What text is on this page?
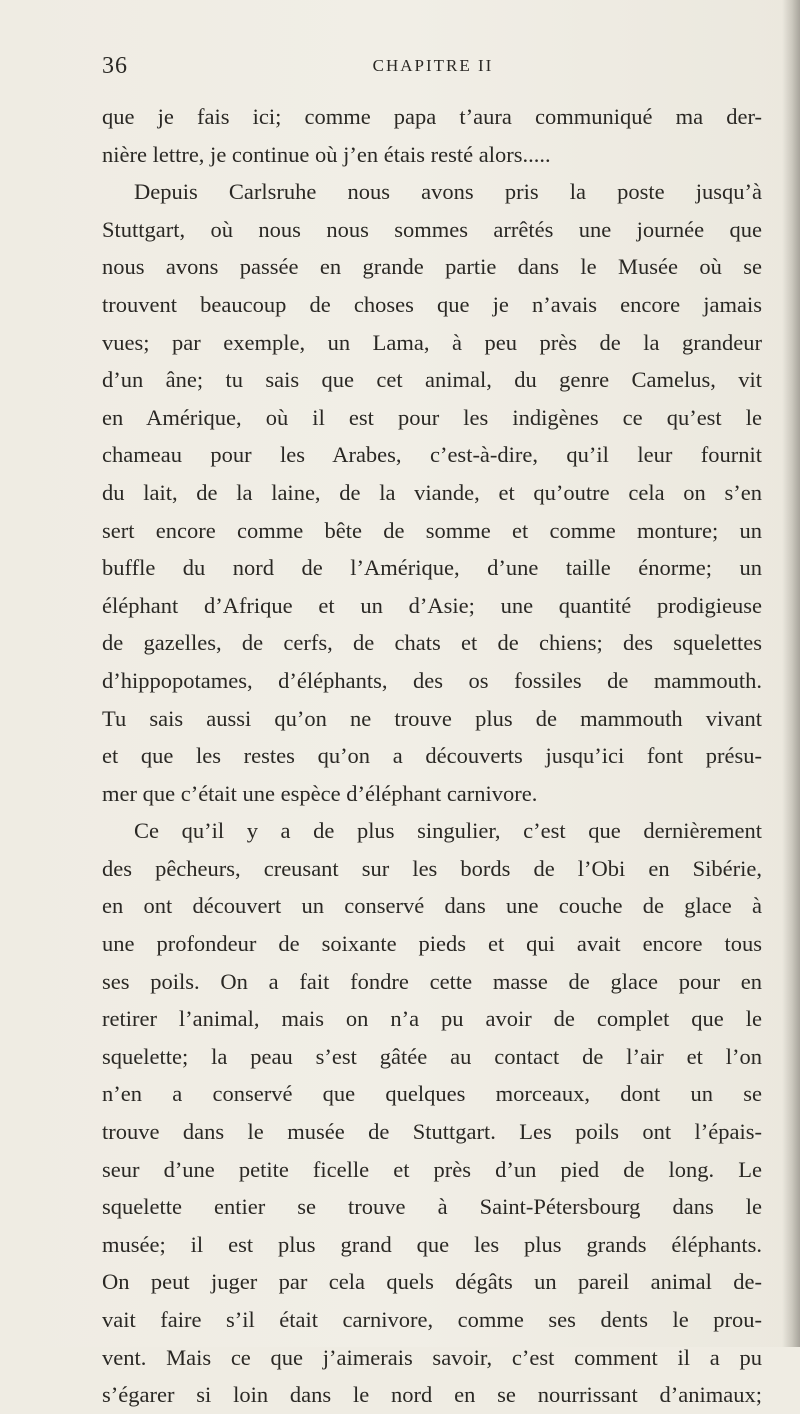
36	CHAPITRE II
que je fais ici; comme papa t’aura communiqué ma der-
nière lettre, je continue où j’en étais resté alors.....
Depuis Carlsruhe nous avons pris la poste jusqu’à
Stuttgart, où nous nous sommes arrêtés une journée que
nous avons passée en grande partie dans le Musée où se
trouvent beaucoup de choses que je n’avais encore jamais
vues; par exemple, un Lama, à peu près de la grandeur
d’un âne; tu sais que cet animal, du genre Camelus, vit
en Amérique, où il est pour les indigènes ce qu’est le
chameau pour les Arabes, c’est-à-dire, qu’il leur fournit
du lait, de la laine, de la viande, et qu’outre cela on s’en
sert encore comme bête de somme et comme monture; un
buffle du nord de l’Amérique, d’une taille énorme; un
éléphant d’Afrique et un d’Asie; une quantité prodigieuse
de gazelles, de cerfs, de chats et de chiens; des squelettes
d’hippopotames, d’éléphants, des os fossiles de mammouth.
Tu sais aussi qu’on ne trouve plus de mammouth vivant
et que les restes qu’on a découverts jusqu’ici font présu-
mer que c’était une espèce d’éléphant carnivore.
Ce qu’il y a de plus singulier, c’est que dernièrement
des pêcheurs, creusant sur les bords de l’Obi en Sibérie,
en ont découvert un conservé dans une couche de glace à
une profondeur de soixante pieds et qui avait encore tous
ses poils. On a fait fondre cette masse de glace pour en
retirer l’animal, mais on n’a pu avoir de complet que le
squelette; la peau s’est gâtée au contact de l’air et l’on
n’en a conservé que quelques morceaux, dont un se
trouve dans le musée de Stuttgart. Les poils ont l’épais-
seur d’une petite ficelle et près d’un pied de long. Le
squelette entier se trouve à Saint-Pétersbourg dans le
musée; il est plus grand que les plus grands éléphants.
On peut juger par cela quels dégâts un pareil animal de-
vait faire s’il était carnivore, comme ses dents le prou-
vent. Mais ce que j’aimerais savoir, c’est comment il a pu
s’égarer si loin dans le nord en se nourrissant d’animaux;
